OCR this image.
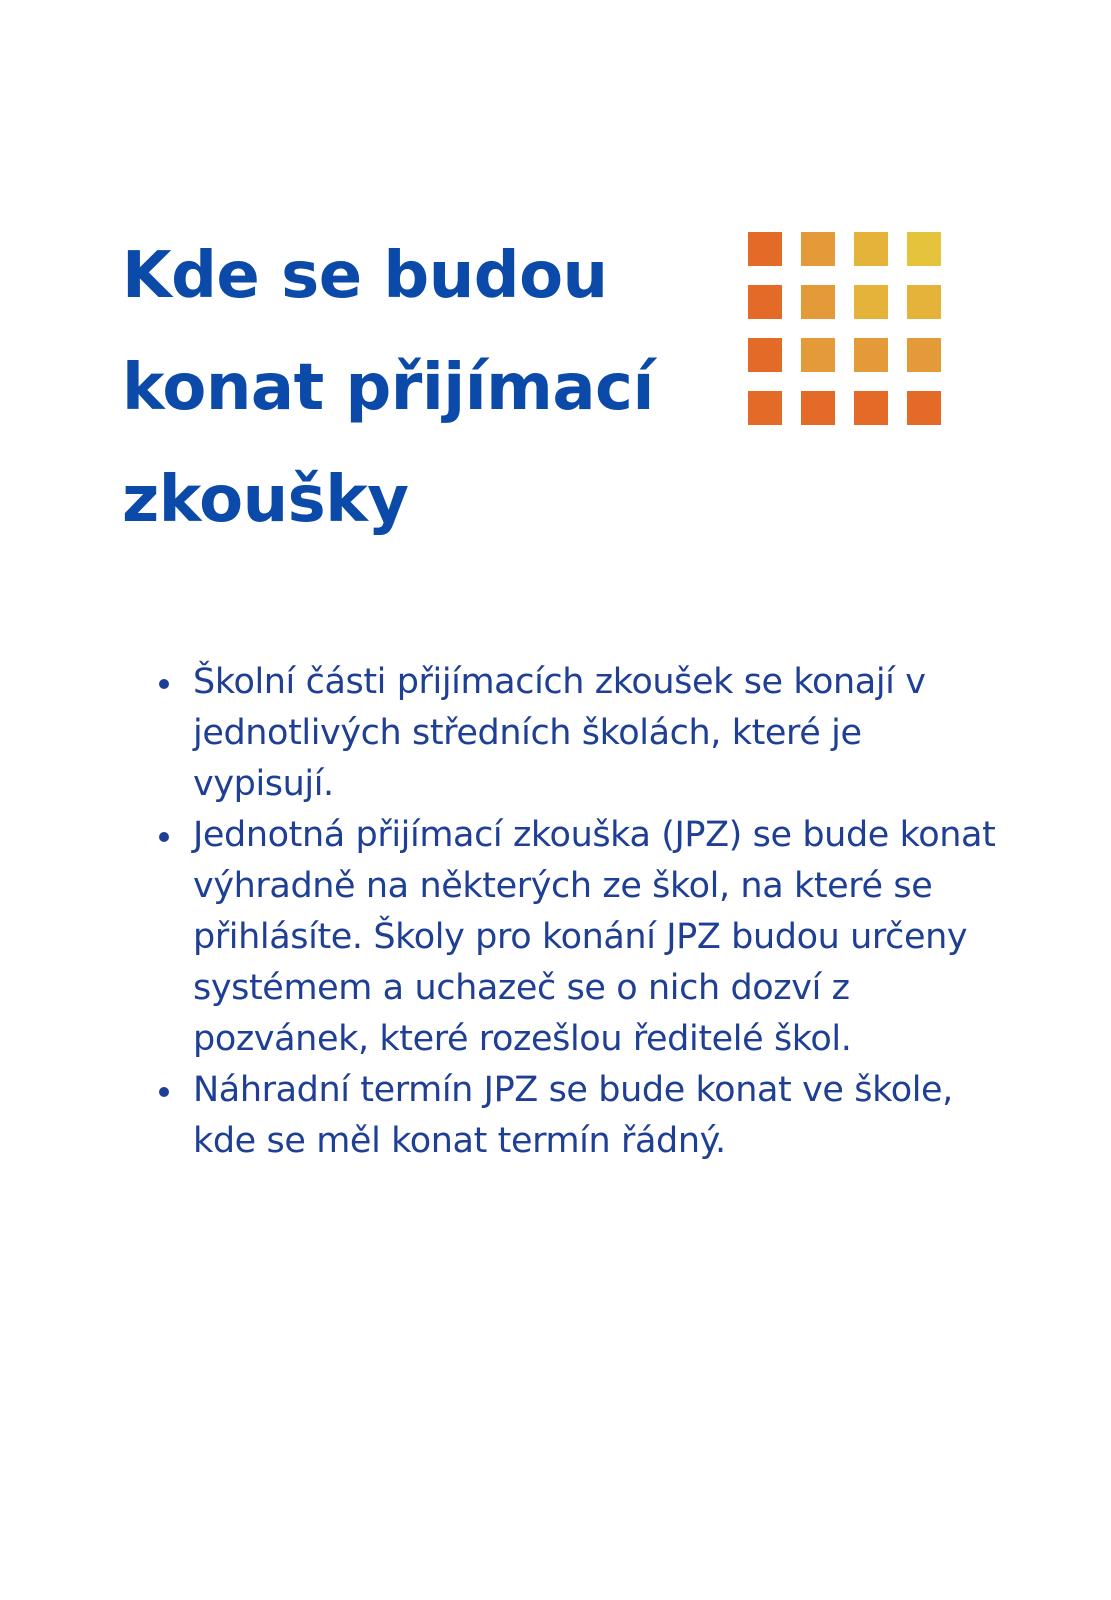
Kde se budou
konat přijímací
zkoušky
Školní části přijímacích zkoušek se konají v jednotlivých středních školách, které je vypisují.
Jednotná přijímací zkouška (JPZ) se bude konat výhradně na některých ze škol, na které se přihlásíte. Školy pro konání JPZ budou určeny systémem a uchazeč se o nich dozví z pozvánek, které rozešlou ředitelé škol.
Náhradní termín JPZ se bude konat ve škole, kde se měl konat termín řádný.
